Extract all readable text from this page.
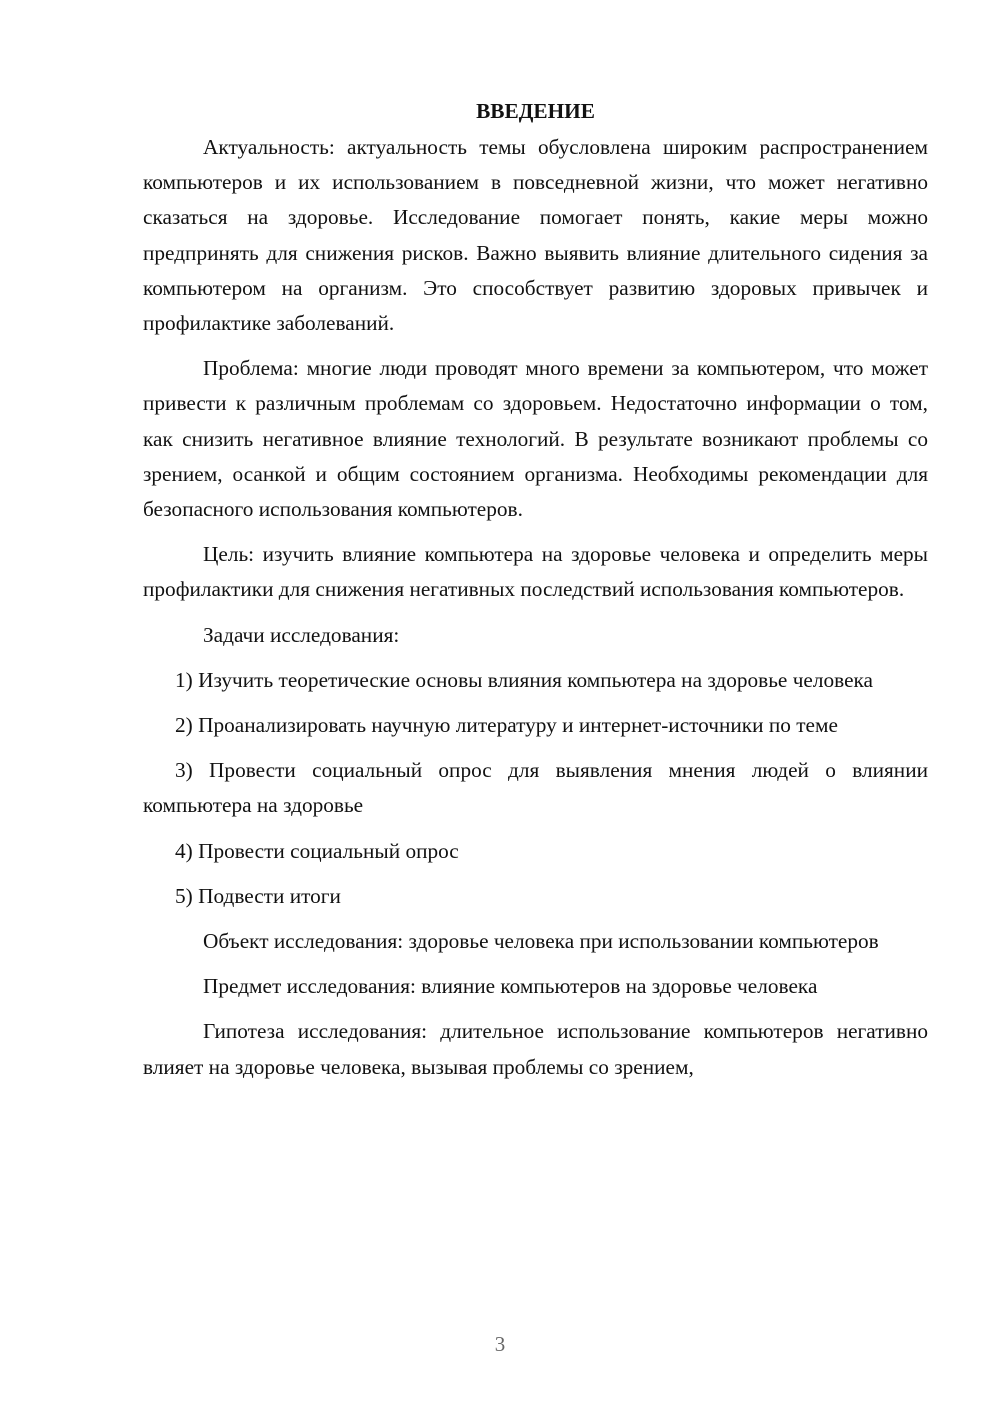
ВВЕДЕНИЕ

Актуальность: актуальность темы обусловлена широким распространением компьютеров и их использованием в повседневной жизни, что может негативно сказаться на здоровье. Исследование помогает понять, какие меры можно предпринять для снижения рисков. Важно выявить влияние длительного сидения за компьютером на организм. Это способствует развитию здоровых привычек и профилактике заболеваний.

Проблема: многие люди проводят много времени за компьютером, что может привести к различным проблемам со здоровьем. Недостаточно информации о том, как снизить негативное влияние технологий. В результате возникают проблемы со зрением, осанкой и общим состоянием организма. Необходимы рекомендации для безопасного использования компьютеров.

Цель: изучить влияние компьютера на здоровье человека и определить меры профилактики для снижения негативных последствий использования компьютеров.

Задачи исследования:

1) Изучить теоретические основы влияния компьютера на здоровье человека

2) Проанализировать научную литературу и интернет-источники по теме

3) Провести социальный опрос для выявления мнения людей о влиянии компьютера на здоровье

4) Провести социальный опрос

5) Подвести итоги

Объект исследования: здоровье человека при использовании компьютеров

Предмет исследования: влияние компьютеров на здоровье человека

Гипотеза исследования: длительное использование компьютеров негативно влияет на здоровье человека, вызывая проблемы со зрением,

3
